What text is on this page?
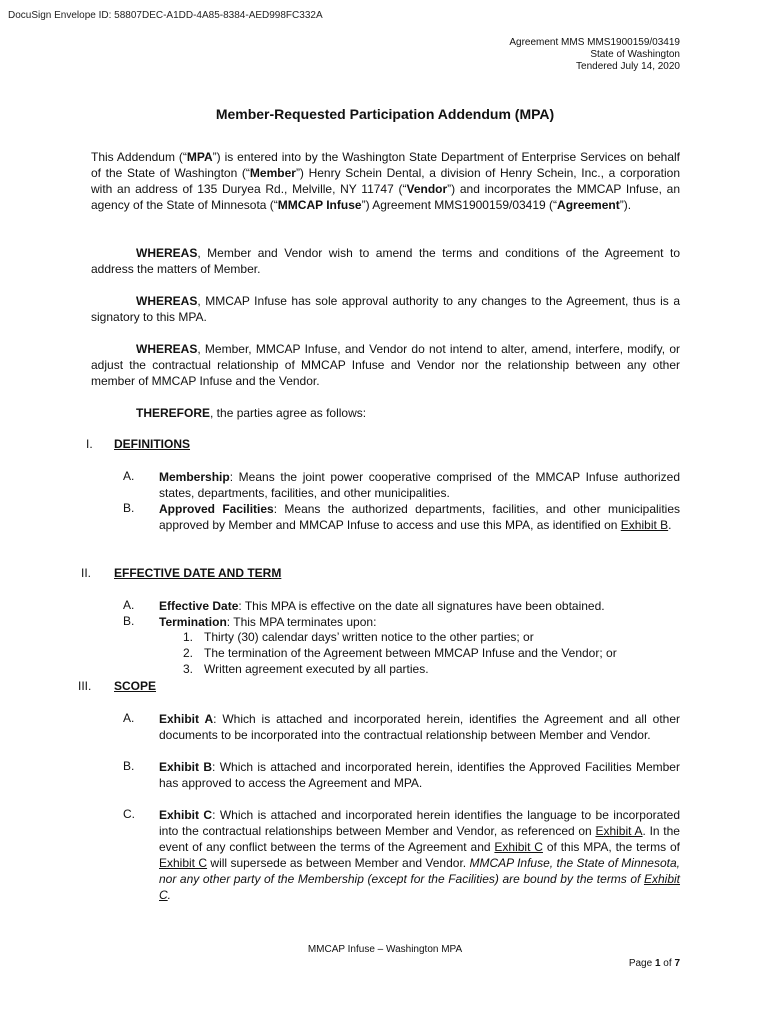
DocuSign Envelope ID: 58807DEC-A1DD-4A85-8384-AED998FC332A
Agreement MMS MMS1900159/03419
State of Washington
Tendered July 14, 2020
Member-Requested Participation Addendum (MPA)
This Addendum (“MPA”) is entered into by the Washington State Department of Enterprise Services on behalf of the State of Washington (“Member”) Henry Schein Dental, a division of Henry Schein, Inc., a corporation with an address of 135 Duryea Rd., Melville, NY 11747 (“Vendor”) and incorporates the MMCAP Infuse, an agency of the State of Minnesota (“MMCAP Infuse”) Agreement MMS1900159/03419 (“Agreement”).
WHEREAS, Member and Vendor wish to amend the terms and conditions of the Agreement to address the matters of Member.
WHEREAS, MMCAP Infuse has sole approval authority to any changes to the Agreement, thus is a signatory to this MPA.
WHEREAS, Member, MMCAP Infuse, and Vendor do not intend to alter, amend, interfere, modify, or adjust the contractual relationship of MMCAP Infuse and Vendor nor the relationship between any other member of MMCAP Infuse and the Vendor.
THEREFORE, the parties agree as follows:
I. DEFINITIONS
A. Membership: Means the joint power cooperative comprised of the MMCAP Infuse authorized states, departments, facilities, and other municipalities.
B. Approved Facilities: Means the authorized departments, facilities, and other municipalities approved by Member and MMCAP Infuse to access and use this MPA, as identified on Exhibit B.
II. EFFECTIVE DATE AND TERM
A. Effective Date: This MPA is effective on the date all signatures have been obtained.
B. Termination: This MPA terminates upon:
1. Thirty (30) calendar days’ written notice to the other parties; or
2. The termination of the Agreement between MMCAP Infuse and the Vendor; or
3. Written agreement executed by all parties.
III. SCOPE
A. Exhibit A: Which is attached and incorporated herein, identifies the Agreement and all other documents to be incorporated into the contractual relationship between Member and Vendor.
B. Exhibit B: Which is attached and incorporated herein, identifies the Approved Facilities Member has approved to access the Agreement and MPA.
C. Exhibit C: Which is attached and incorporated herein identifies the language to be incorporated into the contractual relationships between Member and Vendor, as referenced on Exhibit A. In the event of any conflict between the terms of the Agreement and Exhibit C of this MPA, the terms of Exhibit C will supersede as between Member and Vendor. MMCAP Infuse, the State of Minnesota, nor any other party of the Membership (except for the Facilities) are bound by the terms of Exhibit C.
MMCAP Infuse – Washington MPA
Page 1 of 7
